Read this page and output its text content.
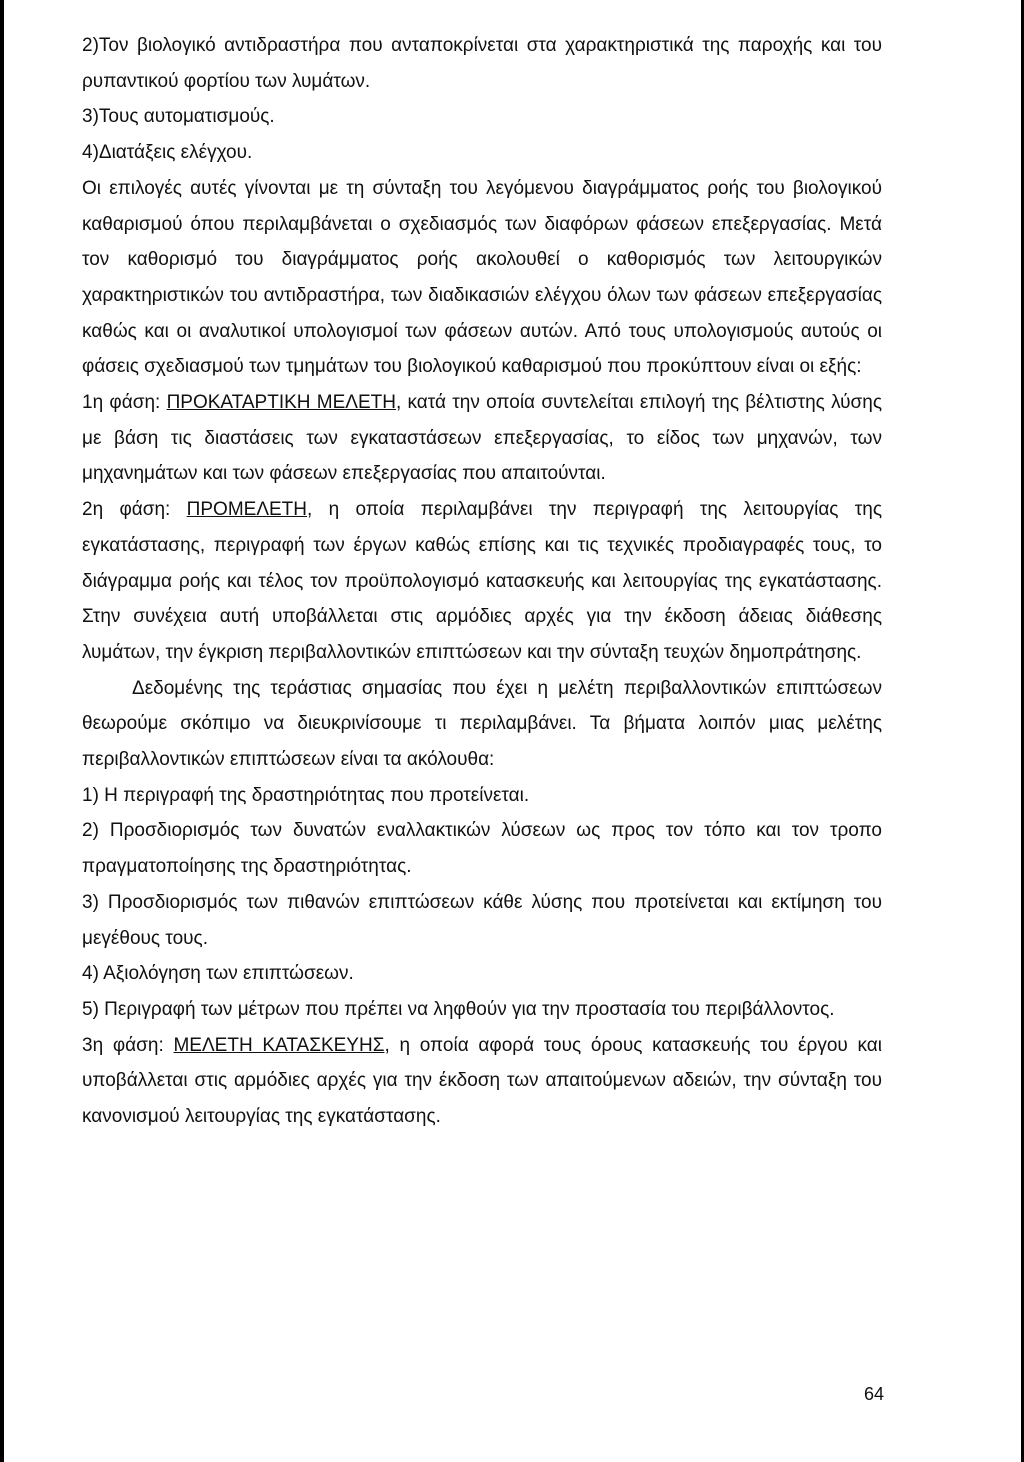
2)Τον βιολογικό αντιδραστήρα που ανταποκρίνεται στα χαρακτηριστικά της παροχής και του ρυπαντικού φορτίου των λυμάτων.

3)Τους αυτοματισμούς.

4)Διατάξεις ελέγχου.

Οι επιλογές αυτές γίνονται με τη σύνταξη του λεγόμενου διαγράμματος ροής του βιολογικού καθαρισμού όπου περιλαμβάνεται ο σχεδιασμός των διαφόρων φάσεων επεξεργασίας. Μετά τον καθορισμό του διαγράμματος ροής ακολουθεί ο καθορισμός των λειτουργικών χαρακτηριστικών του αντιδραστήρα, των διαδικασιών ελέγχου όλων των φάσεων επεξεργασίας καθώς και οι αναλυτικοί υπολογισμοί των φάσεων αυτών. Από τους υπολογισμούς αυτούς οι φάσεις σχεδιασμού των τμημάτων του βιολογικού καθαρισμού που προκύπτουν είναι οι εξής:

1η φάση: ΠΡΟΚΑΤΑΡΤΙΚΗ ΜΕΛΕΤΗ, κατά την οποία συντελείται επιλογή της βέλτιστης λύσης με βάση τις διαστάσεις των εγκαταστάσεων επεξεργασίας, το είδος των μηχανών, των μηχανημάτων και των φάσεων επεξεργασίας που απαιτούνται.

2η φάση: ΠΡΟΜΕΛΕΤΗ, η οποία περιλαμβάνει την περιγραφή της λειτουργίας της εγκατάστασης, περιγραφή των έργων καθώς επίσης και τις τεχνικές προδιαγραφές τους, το διάγραμμα ροής και τέλος τον προϋπολογισμό κατασκευής και λειτουργίας της εγκατάστασης. Στην συνέχεια αυτή υποβάλλεται στις αρμόδιες αρχές για την έκδοση άδειας διάθεσης λυμάτων, την έγκριση περιβαλλοντικών επιπτώσεων και την σύνταξη τευχών δημοπράτησης.

Δεδομένης της τεράστιας σημασίας που έχει η μελέτη περιβαλλοντικών επιπτώσεων θεωρούμε σκόπιμο να διευκρινίσουμε τι περιλαμβάνει. Τα βήματα λοιπόν μιας μελέτης περιβαλλοντικών επιπτώσεων είναι τα ακόλουθα:

1) Η περιγραφή της δραστηριότητας που προτείνεται.

2) Προσδιορισμός των δυνατών εναλλακτικών λύσεων ως προς τον τόπο και τον τροπο πραγματοποίησης της δραστηριότητας.

3) Προσδιορισμός των πιθανών επιπτώσεων κάθε λύσης που προτείνεται και εκτίμηση του μεγέθους τους.

4) Αξιολόγηση των επιπτώσεων.

5) Περιγραφή των μέτρων που πρέπει να ληφθούν για την προστασία του περιβάλλοντος.

3η φάση: ΜΕΛΕΤΗ ΚΑΤΑΣΚΕΥΗΣ, η οποία αφορά τους όρους κατασκευής του έργου και υποβάλλεται στις αρμόδιες αρχές για την έκδοση των απαιτούμενων αδειών, την σύνταξη του κανονισμού λειτουργίας της εγκατάστασης.

64
